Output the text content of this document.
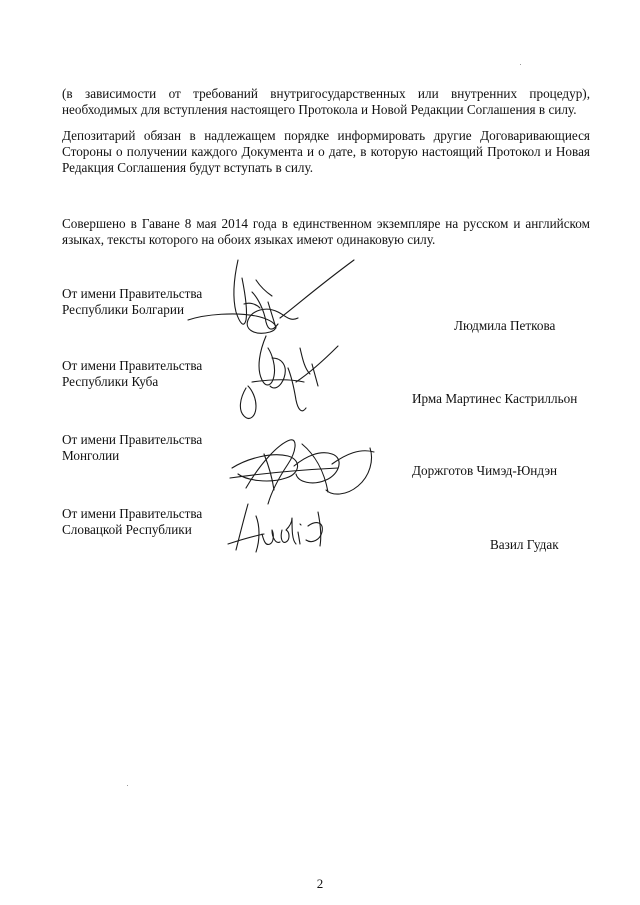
(в зависимости от требований внутригосударственных или внутренних процедур),
необходимых для вступления настоящего Протокола и Новой Редакции Соглашения в силу.
Депозитарий обязан в надлежащем порядке информировать другие Договаривающиеся
Стороны о получении каждого Документа и о дате, в которую настоящий Протокол и Новая
Редакция Соглашения будут вступать в силу.
Совершено в Гаване 8 мая 2014 года в единственном экземпляре на русском и английском
языках, тексты которого на обоих языках имеют одинаковую силу.
От имени Правительства
Республики Болгарии
От имени Правительства
Республики Куба
От имени Правительства
Монголии
От имени Правительства
Словацкой Республики
Людмила Петкова
Ирма Мартинес Кастрилльон
Доржготов Чимэд-Юндэн
Вазил Гудак
2
